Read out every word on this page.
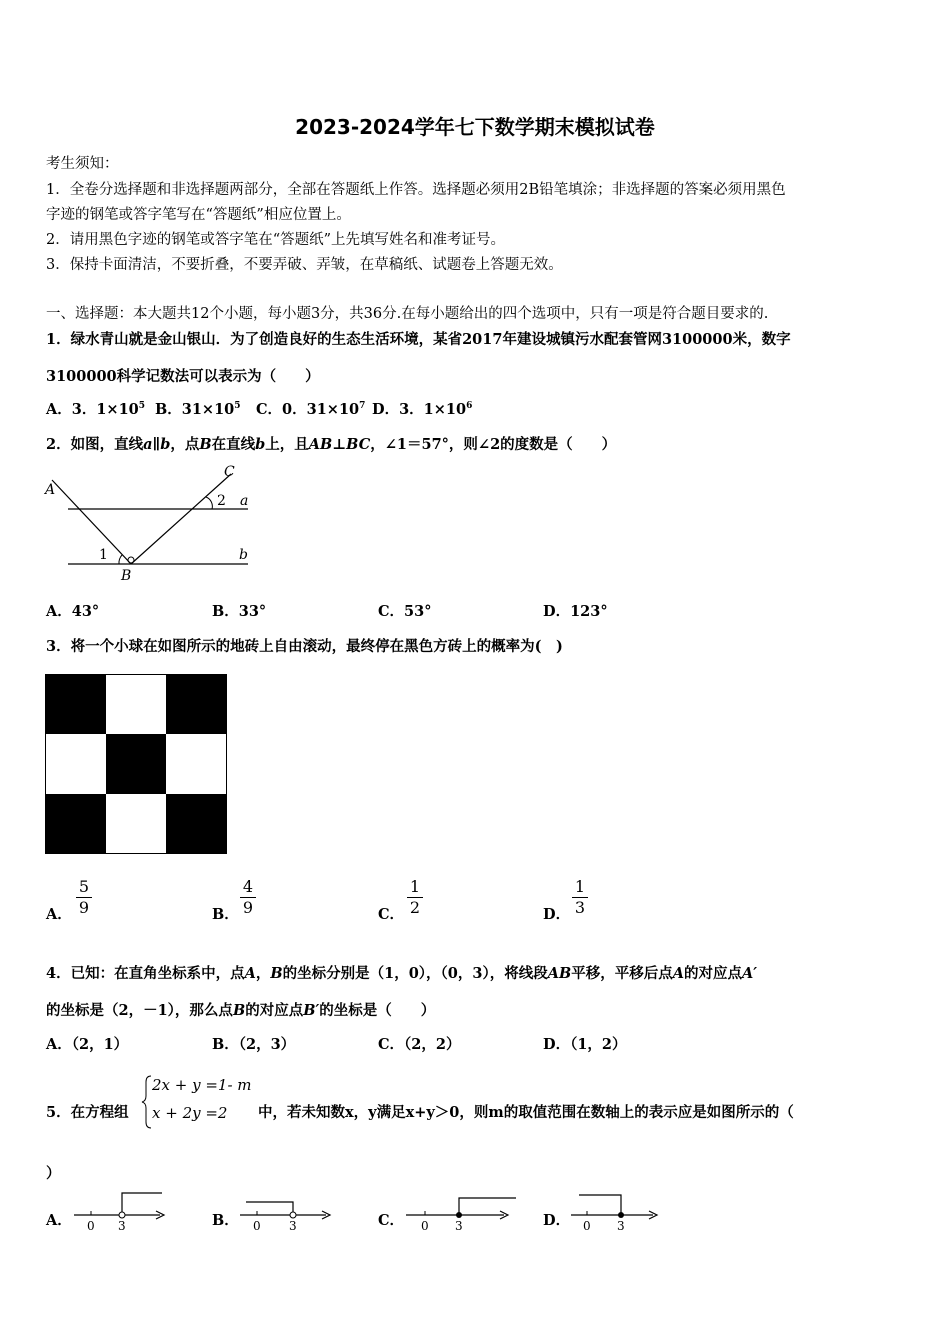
2023-2024学年七下数学期末模拟试卷
考生须知：
1．全卷分选择题和非选择题两部分，全部在答题纸上作答。选择题必须用2B铅笔填涂；非选择题的答案必须用黑色
字迹的钢笔或答字笔写在“答题纸”相应位置上。
2．请用黑色字迹的钢笔或答字笔在“答题纸”上先填写姓名和准考证号。
3．保持卡面清洁，不要折叠，不要弄破、弄皱，在草稿纸、试题卷上答题无效。
一、选择题：本大题共12个小题，每小题3分，共36分.在每小题给出的四个选项中，只有一项是符合题目要求的.
1．绿水青山就是金山银山．为了创造良好的生态生活环境，某省2017年建设城镇污水配套管网3100000米，数字
3100000科学记数法可以表示为（　　）
A．3．$1\times 10^5$ B．$31\times 10^5$ C．0．$31\times 10^7$ D．3．$1\times 10^6$
2．如图，直线a∥b，点B在直线b上，且AB⊥BC，∠1＝57°，则∠2的度数是（　　）
A
C
a
b
B
1
2
A．43°	B．33°	C．53°	D．123°
3．将一个小球在如图所示的地砖上自由滚动，最终停在黑色方砖上的概率为(　)
A．
5
9	B．
4
9	C．
1
2	D．
1
3
4．已知：在直角坐标系中，点A，B的坐标分别是（1，0），（0，3），将线段AB平移，平移后点A的对应点A′
的坐标是（2，－1），那么点B的对应点B′的坐标是（　　）
A．（2，1）	B．（2，3）	C．（2，2）	D．（1，2）
5．在方程组
2x + y =1- m
x + 2y =2 中，若未知数x，y满足x+y＞0，则m的取值范围在数轴上的表示应是如图所示的（
）
A． 0 3	B． 0 3	C． 0 3	D． 0 3
